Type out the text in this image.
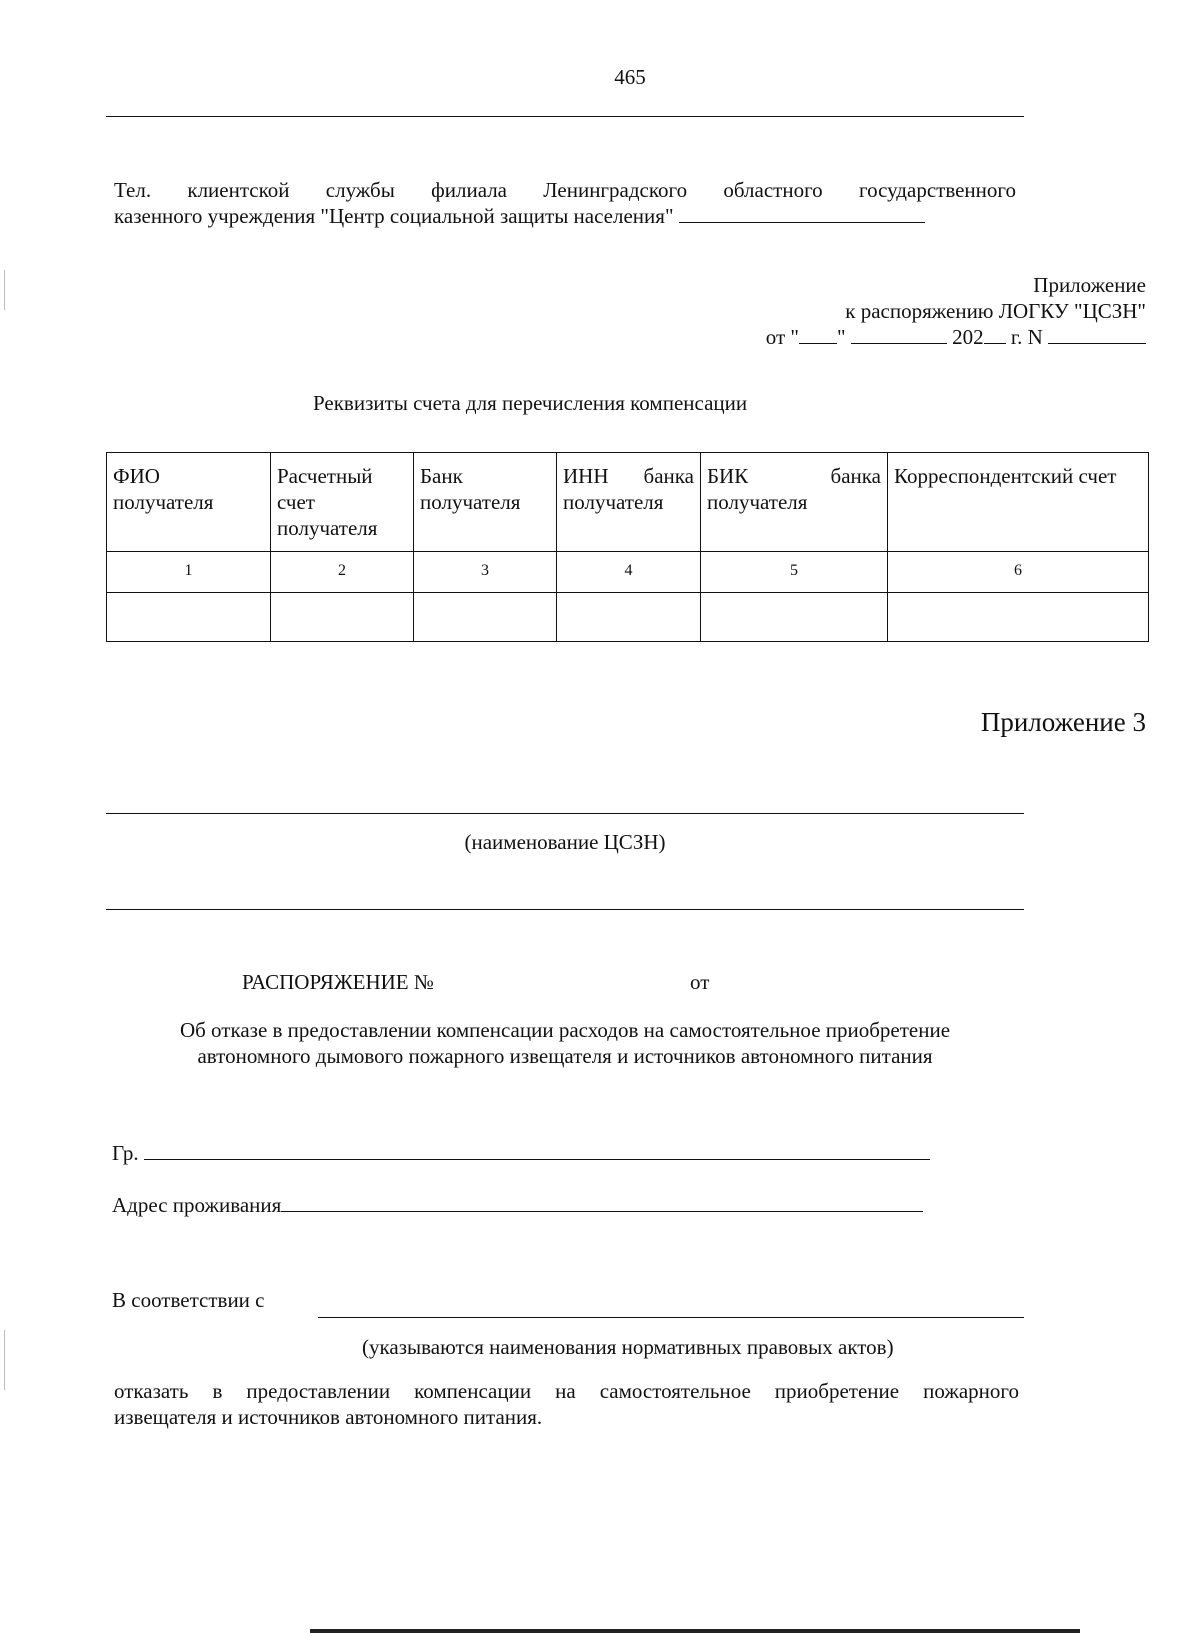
465
Тел. клиентской службы филиала Ленинградского областного государственного
казенного учреждения "Центр социальной защиты населения"
Приложение
к распоряжению ЛОГКУ "ЦСЗН"
от " "	202 г. N
Реквизиты счета для перечисления компенсации
ФИО получателя	Расчетный счет получателя	Банк получателя	ИНН банка получателя	БИК банка получателя	Корреспондентский счет
1	2	3	4	5	6

Приложение 3
(наименование ЦСЗН)
РАСПОРЯЖЕНИЕ №	от
Об отказе в предоставлении компенсации расходов на самостоятельное приобретение
автономного дымового пожарного извещателя и источников автономного питания
Гр.
Адрес проживания
В соответствии с
(указываются наименования нормативных правовых актов)
отказать в предоставлении компенсации на самостоятельное приобретение пожарного
извещателя и источников автономного питания.
